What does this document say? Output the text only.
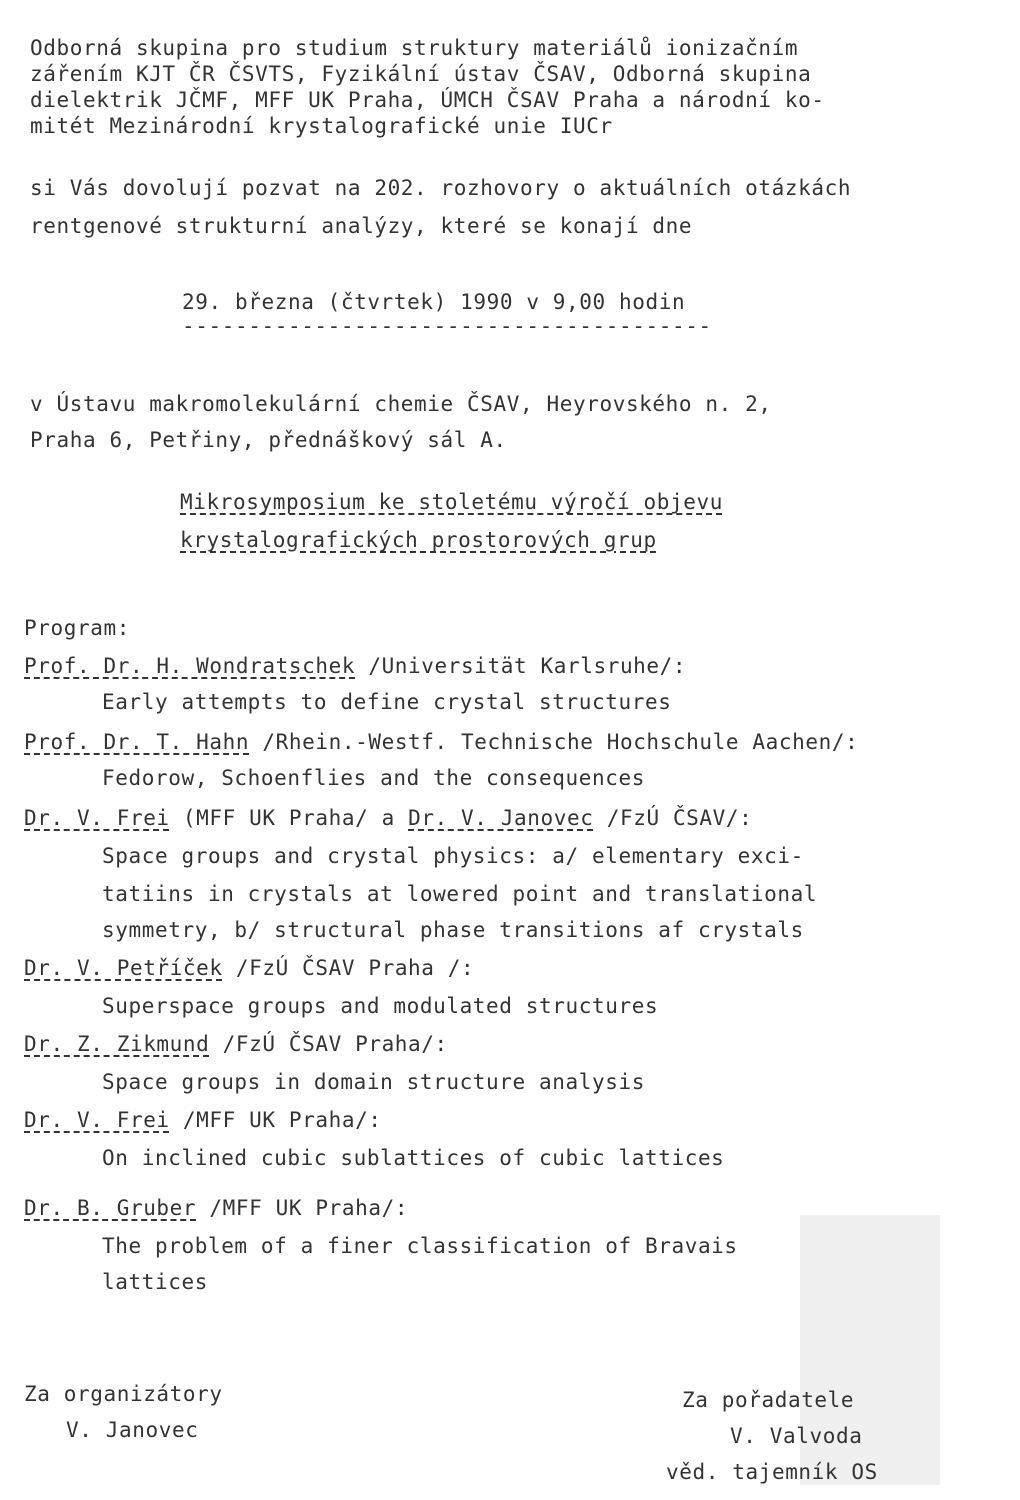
Odborná skupina pro studium struktury materiálů ionizačním
zářením KJT ČR ČSVTS, Fyzikální ústav ČSAV, Odborná skupina
dielektrik JČMF, MFF UK Praha, ÚMCH ČSAV Praha a národní ko-
mitét Mezinárodní krystalografické unie IUCr
si Vás dovolují pozvat na 202. rozhovory o aktuálních otázkách
rentgenové strukturní analýzy, které se konají dne
29. března (čtvrtek) 1990 v 9,00 hodin
----------------------------------------
v Ústavu makromolekulární chemie ČSAV, Heyrovského n. 2,
Praha 6, Petřiny, přednáškový sál A.
Mikrosymposium ke stoletému výročí objevu
krystalografických prostorových grup
Program:
Prof. Dr. H. Wondratschek /Universität Karlsruhe/:
Early attempts to define crystal structures
Prof. Dr. T. Hahn /Rhein.-Westf. Technische Hochschule Aachen/:
Fedorow, Schoenflies and the consequences
Dr. V. Frei (MFF UK Praha/ a Dr. V. Janovec /FzÚ ČSAV/:
Space groups and crystal physics: a/ elementary exci-
tatiins in crystals at lowered point and translational
symmetry, b/ structural phase transitions af crystals
Dr. V. Petříček /FzÚ ČSAV Praha /:
Superspace groups and modulated structures
Dr. Z. Zikmund /FzÚ ČSAV Praha/:
Space groups in domain structure analysis
Dr. V. Frei /MFF UK Praha/:
On inclined cubic sublattices of cubic lattices
Dr. B. Gruber /MFF UK Praha/:
The problem of a finer classification of Bravais
lattices
Za organizátory
V. Janovec
Za pořadatele
V. Valvoda
věd. tajemník OS
